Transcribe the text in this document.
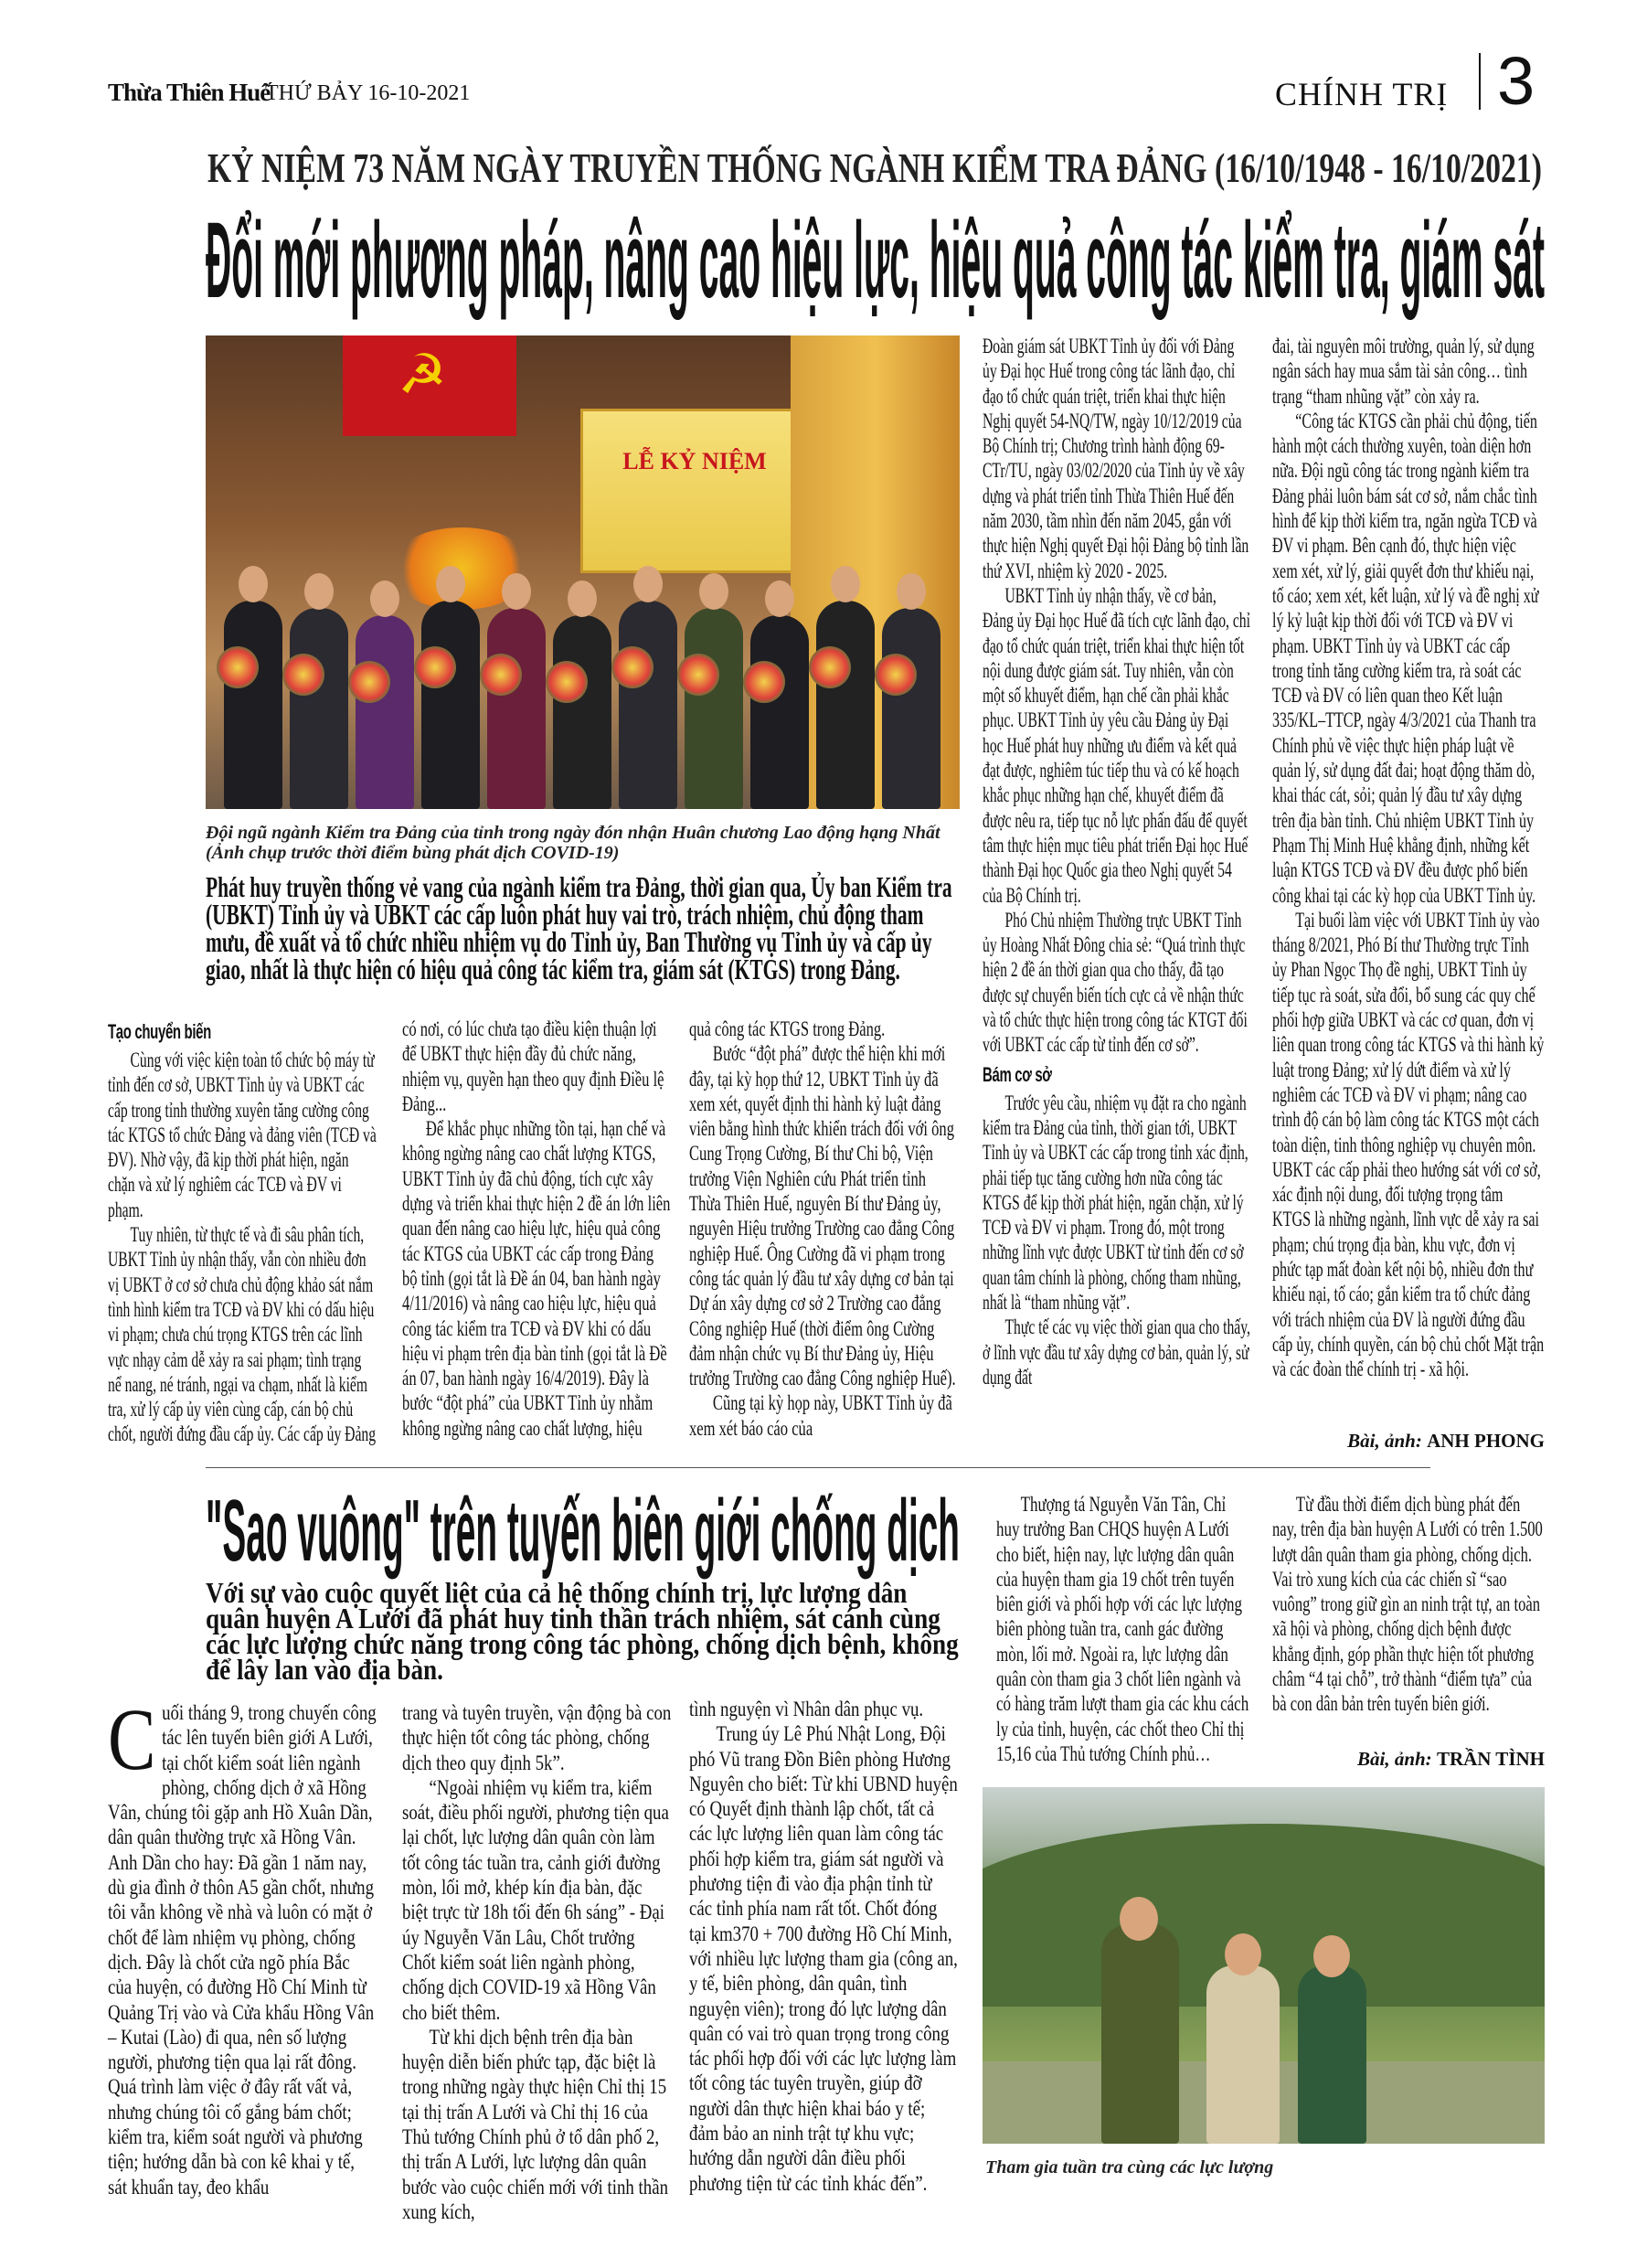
Thừa Thiên Huế
THỨ BẢY 16-10-2021	CHÍNH TRỊ 3
KỶ NIỆM 73 NĂM NGÀY TRUYỀN THỐNG NGÀNH KIỂM TRA ĐẢNG (16/10/1948 - 16/10/2021)
Đổi mới phương pháp, nâng cao hiệu lực, hiệu quả công tác kiểm tra, giám sát
☭
LỄ KỶ NIỆM
Đội ngũ ngành Kiểm tra Đảng của tỉnh trong ngày đón nhận Huân chương Lao động hạng Nhất
(Ảnh chụp trước thời điểm bùng phát dịch COVID-19)
Phát huy truyền thống vẻ vang của ngành kiểm tra Đảng, thời gian qua, Ủy ban Kiểm tra (UBKT) Tỉnh ủy và UBKT các cấp luôn phát huy vai trò, trách nhiệm, chủ động tham mưu, đề xuất và tổ chức nhiều nhiệm vụ do Tỉnh ủy, Ban Thường vụ Tỉnh ủy và cấp ủy giao, nhất là thực hiện có hiệu quả công tác kiểm tra, giám sát (KTGS) trong Đảng.
Tạo chuyển biến

Cùng với việc kiện toàn tổ chức bộ máy từ tỉnh đến cơ sở, UBKT Tỉnh ủy và UBKT các cấp trong tỉnh thường xuyên tăng cường công tác KTGS tổ chức Đảng và đảng viên (TCĐ và ĐV). Nhờ vậy, đã kịp thời phát hiện, ngăn chặn và xử lý nghiêm các TCĐ và ĐV vi phạm.

Tuy nhiên, từ thực tế và đi sâu phân tích, UBKT Tỉnh ủy nhận thấy, vẫn còn nhiều đơn vị UBKT ở cơ sở chưa chủ động khảo sát nắm tình hình kiểm tra TCĐ và ĐV khi có dấu hiệu vi phạm; chưa chú trọng KTGS trên các lĩnh vực nhạy cảm dễ xảy ra sai phạm; tình trạng nể nang, né tránh, ngại va chạm, nhất là kiểm tra, xử lý cấp ủy viên cùng cấp, cán bộ chủ chốt, người đứng đầu cấp ủy. Các cấp ủy Đảng

có nơi, có lúc chưa tạo điều kiện thuận lợi để UBKT thực hiện đầy đủ chức năng, nhiệm vụ, quyền hạn theo quy định Điều lệ Đảng...

Để khắc phục những tồn tại, hạn chế và không ngừng nâng cao chất lượng KTGS, UBKT Tỉnh ủy đã chủ động, tích cực xây dựng và triển khai thực hiện 2 đề án lớn liên quan đến nâng cao hiệu lực, hiệu quả công tác KTGS của UBKT các cấp trong Đảng bộ tỉnh (gọi tắt là Đề án 04, ban hành ngày 4/11/2016) và nâng cao hiệu lực, hiệu quả công tác kiểm tra TCĐ và ĐV khi có dấu hiệu vi phạm trên địa bàn tỉnh (gọi tắt là Đề án 07, ban hành ngày 16/4/2019). Đây là bước “đột phá” của UBKT Tỉnh ủy nhằm không ngừng nâng cao chất lượng, hiệu

quả công tác KTGS trong Đảng.

Bước “đột phá” được thể hiện khi mới đây, tại kỳ họp thứ 12, UBKT Tỉnh ủy đã xem xét, quyết định thi hành kỷ luật đảng viên bằng hình thức khiển trách đối với ông Cung Trọng Cường, Bí thư Chi bộ, Viện trưởng Viện Nghiên cứu Phát triển tỉnh Thừa Thiên Huế, nguyên Bí thư Đảng ủy, nguyên Hiệu trưởng Trường cao đẳng Công nghiệp Huế. Ông Cường đã vi phạm trong công tác quản lý đầu tư xây dựng cơ bản tại Dự án xây dựng cơ sở 2 Trường cao đẳng Công nghiệp Huế (thời điểm ông Cường đảm nhận chức vụ Bí thư Đảng ủy, Hiệu trưởng Trường cao đẳng Công nghiệp Huế).

Cũng tại kỳ họp này, UBKT Tỉnh ủy đã xem xét báo cáo của

Đoàn giám sát UBKT Tỉnh ủy đối với Đảng ủy Đại học Huế trong công tác lãnh đạo, chỉ đạo tổ chức quán triệt, triển khai thực hiện Nghị quyết 54-NQ/TW, ngày 10/12/2019 của Bộ Chính trị; Chương trình hành động 69-CTr/TU, ngày 03/02/2020 của Tỉnh ủy về xây dựng và phát triển tỉnh Thừa Thiên Huế đến năm 2030, tầm nhìn đến năm 2045, gắn với thực hiện Nghị quyết Đại hội Đảng bộ tỉnh lần thứ XVI, nhiệm kỳ 2020 - 2025.

UBKT Tỉnh ủy nhận thấy, về cơ bản, Đảng ủy Đại học Huế đã tích cực lãnh đạo, chỉ đạo tổ chức quán triệt, triển khai thực hiện tốt nội dung được giám sát. Tuy nhiên, vẫn còn một số khuyết điểm, hạn chế cần phải khắc phục. UBKT Tỉnh ủy yêu cầu Đảng ủy Đại học Huế phát huy những ưu điểm và kết quả đạt được, nghiêm túc tiếp thu và có kế hoạch khắc phục những hạn chế, khuyết điểm đã được nêu ra, tiếp tục nỗ lực phấn đấu để quyết tâm thực hiện mục tiêu phát triển Đại học Huế thành Đại học Quốc gia theo Nghị quyết 54 của Bộ Chính trị.

Phó Chủ nhiệm Thường trực UBKT Tỉnh ủy Hoàng Nhất Đông chia sẻ: “Quá trình thực hiện 2 đề án thời gian qua cho thấy, đã tạo được sự chuyển biến tích cực cả về nhận thức và tổ chức thực hiện trong công tác KTGT đối với UBKT các cấp từ tỉnh đến cơ sở”.

Bám cơ sở

Trước yêu cầu, nhiệm vụ đặt ra cho ngành kiểm tra Đảng của tỉnh, thời gian tới, UBKT Tỉnh ủy và UBKT các cấp trong tỉnh xác định, phải tiếp tục tăng cường hơn nữa công tác KTGS để kịp thời phát hiện, ngăn chặn, xử lý TCĐ và ĐV vi phạm. Trong đó, một trong những lĩnh vực được UBKT từ tỉnh đến cơ sở quan tâm chính là phòng, chống tham nhũng, nhất là “tham nhũng vặt”.

Thực tế các vụ việc thời gian qua cho thấy, ở lĩnh vực đầu tư xây dựng cơ bản, quản lý, sử dụng đất

đai, tài nguyên môi trường, quản lý, sử dụng ngân sách hay mua sắm tài sản công… tình trạng “tham nhũng vặt” còn xảy ra.

“Công tác KTGS cần phải chủ động, tiến hành một cách thường xuyên, toàn diện hơn nữa. Đội ngũ công tác trong ngành kiểm tra Đảng phải luôn bám sát cơ sở, nắm chắc tình hình để kịp thời kiểm tra, ngăn ngừa TCĐ và ĐV vi phạm. Bên cạnh đó, thực hiện việc xem xét, xử lý, giải quyết đơn thư khiếu nại, tố cáo; xem xét, kết luận, xử lý và đề nghị xử lý kỷ luật kịp thời đối với TCĐ và ĐV vi phạm. UBKT Tỉnh ủy và UBKT các cấp trong tỉnh tăng cường kiểm tra, rà soát các TCĐ và ĐV có liên quan theo Kết luận 335/KL–TTCP, ngày 4/3/2021 của Thanh tra Chính phủ về việc thực hiện pháp luật về quản lý, sử dụng đất đai; hoạt động thăm dò, khai thác cát, sỏi; quản lý đầu tư xây dựng trên địa bàn tỉnh. Chủ nhiệm UBKT Tỉnh ủy Phạm Thị Minh Huệ khẳng định, những kết luận KTGS TCĐ và ĐV đều được phổ biến công khai tại các kỳ họp của UBKT Tỉnh ủy.

Tại buổi làm việc với UBKT Tỉnh ủy vào tháng 8/2021, Phó Bí thư Thường trực Tỉnh ủy Phan Ngọc Thọ đề nghị, UBKT Tỉnh ủy tiếp tục rà soát, sửa đổi, bổ sung các quy chế phối hợp giữa UBKT và các cơ quan, đơn vị liên quan trong công tác KTGS và thi hành kỷ luật trong Đảng; xử lý dứt điểm và xử lý nghiêm các TCĐ và ĐV vi phạm; nâng cao trình độ cán bộ làm công tác KTGS một cách toàn diện, tinh thông nghiệp vụ chuyên môn. UBKT các cấp phải theo hướng sát với cơ sở, xác định nội dung, đối tượng trọng tâm KTGS là những ngành, lĩnh vực dễ xảy ra sai phạm; chú trọng địa bàn, khu vực, đơn vị phức tạp mất đoàn kết nội bộ, nhiều đơn thư khiếu nại, tố cáo; gắn kiểm tra tổ chức đảng với trách nhiệm của ĐV là người đứng đầu cấp ủy, chính quyền, cán bộ chủ chốt Mặt trận và các đoàn thể chính trị - xã hội.

Bài, ảnh: ANH PHONG
"Sao vuông" trên tuyến biên giới chống dịch
Với sự vào cuộc quyết liệt của cả hệ thống chính trị, lực lượng dân quân huyện A Lưới đã phát huy tinh thần trách nhiệm, sát cánh cùng các lực lượng chức năng trong công tác phòng, chống dịch bệnh, không để lây lan vào địa bàn.

Cuối tháng 9, trong chuyến công tác lên tuyến biên giới A Lưới, tại chốt kiểm soát liên ngành phòng, chống dịch ở xã Hồng Vân, chúng tôi gặp anh Hồ Xuân Dần, dân quân thường trực xã Hồng Vân. Anh Dần cho hay: Đã gần 1 năm nay, dù gia đình ở thôn A5 gần chốt, nhưng tôi vẫn không về nhà và luôn có mặt ở chốt để làm nhiệm vụ phòng, chống dịch. Đây là chốt cửa ngõ phía Bắc của huyện, có đường Hồ Chí Minh từ Quảng Trị vào và Cửa khẩu Hồng Vân – Kutai (Lào) đi qua, nên số lượng người, phương tiện qua lại rất đông. Quá trình làm việc ở đây rất vất vả, nhưng chúng tôi cố gắng bám chốt; kiểm tra, kiểm soát người và phương tiện; hướng dẫn bà con kê khai y tế, sát khuẩn tay, đeo khẩu

trang và tuyên truyền, vận động bà con thực hiện tốt công tác phòng, chống dịch theo quy định 5k”.

“Ngoài nhiệm vụ kiểm tra, kiểm soát, điều phối người, phương tiện qua lại chốt, lực lượng dân quân còn làm tốt công tác tuần tra, cảnh giới đường mòn, lối mở, khép kín địa bàn, đặc biệt trực từ 18h tối đến 6h sáng” - Đại úy Nguyễn Văn Lâu, Chốt trưởng Chốt kiểm soát liên ngành phòng, chống dịch COVID-19 xã Hồng Vân cho biết thêm.

Từ khi dịch bệnh trên địa bàn huyện diễn biến phức tạp, đặc biệt là trong những ngày thực hiện Chỉ thị 15 tại thị trấn A Lưới và Chỉ thị 16 của Thủ tướng Chính phủ ở tổ dân phố 2, thị trấn A Lưới, lực lượng dân quân bước vào cuộc chiến mới với tinh thần xung kích,

tình nguyện vì Nhân dân phục vụ.

Trung úy Lê Phú Nhật Long, Đội phó Vũ trang Đồn Biên phòng Hương Nguyên cho biết: Từ khi UBND huyện có Quyết định thành lập chốt, tất cả các lực lượng liên quan làm công tác phối hợp kiểm tra, giám sát người và phương tiện đi vào địa phận tỉnh từ các tỉnh phía nam rất tốt. Chốt đóng tại km370 + 700 đường Hồ Chí Minh, với nhiều lực lượng tham gia (công an, y tế, biên phòng, dân quân, tình nguyện viên); trong đó lực lượng dân quân có vai trò quan trọng trong công tác phối hợp đối với các lực lượng làm tốt công tác tuyên truyền, giúp đỡ người dân thực hiện khai báo y tế; đảm bảo an ninh trật tự khu vực; hướng dẫn người dân điều phối phương tiện từ các tỉnh khác đến”.

Thượng tá Nguyễn Văn Tân, Chỉ huy trưởng Ban CHQS huyện A Lưới cho biết, hiện nay, lực lượng dân quân của huyện tham gia 19 chốt trên tuyến biên giới và phối hợp với các lực lượng biên phòng tuần tra, canh gác đường mòn, lối mở. Ngoài ra, lực lượng dân quân còn tham gia 3 chốt liên ngành và có hàng trăm lượt tham gia các khu cách ly của tỉnh, huyện, các chốt theo Chỉ thị 15,16 của Thủ tướng Chính phủ…

Từ đầu thời điểm dịch bùng phát đến nay, trên địa bàn huyện A Lưới có trên 1.500 lượt dân quân tham gia phòng, chống dịch. Vai trò xung kích của các chiến sĩ “sao vuông” trong giữ gìn an ninh trật tự, an toàn xã hội và phòng, chống dịch bệnh được khẳng định, góp phần thực hiện tốt phương châm “4 tại chỗ”, trở thành “điểm tựa” của bà con dân bản trên tuyến biên giới.

Bài, ảnh: TRẦN TÌNH
Tham gia tuần tra cùng các lực lượng
